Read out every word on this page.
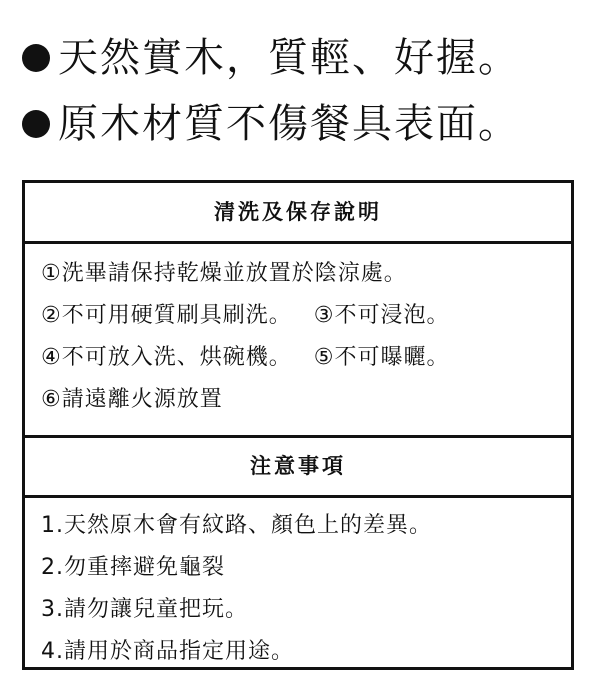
天然實木，質輕、好握。
原木材質不傷餐具表面。
清洗及保存說明
①洗畢請保持乾燥並放置於陰涼處。
②不可用硬質刷具刷洗。 ③不可浸泡。
④不可放入洗、烘碗機。 ⑤不可曝曬。
⑥請遠離火源放置
注意事項
1.天然原木會有紋路、顏色上的差異。
2.勿重摔避免龜裂
3.請勿讓兒童把玩。
4.請用於商品指定用途。
